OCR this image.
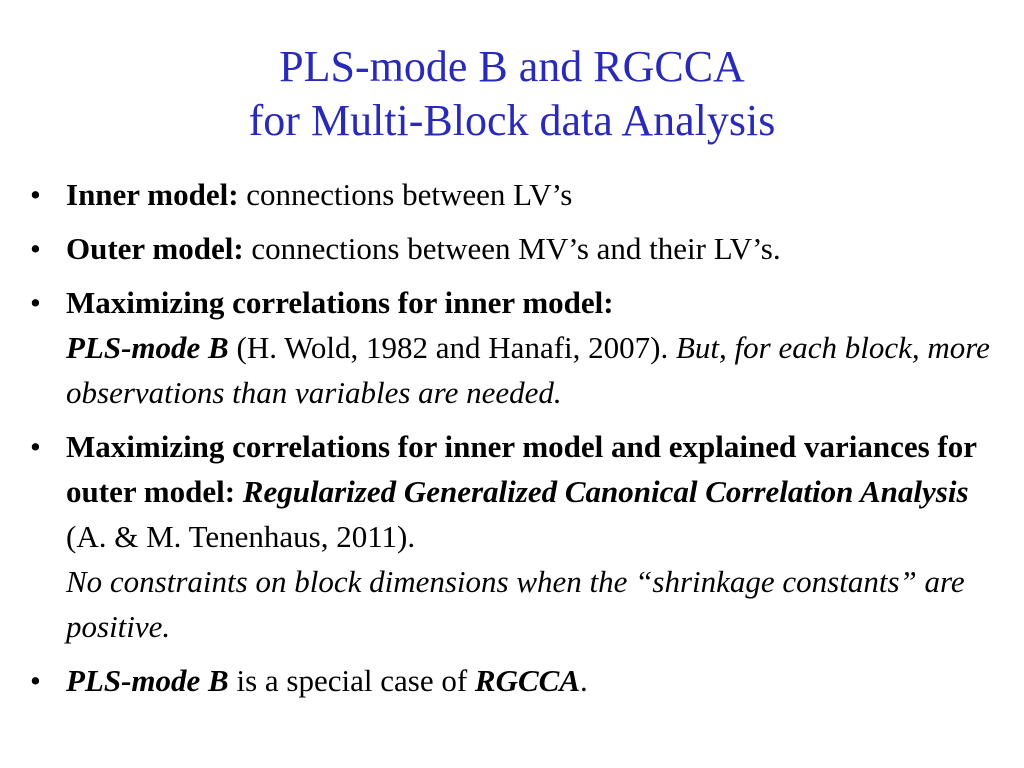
PLS-mode B and RGCCA
for Multi-Block data Analysis
• Inner model: connections between LV’s
• Outer model: connections between MV’s and their LV’s.
• Maximizing correlations for inner model:
PLS-mode B (H. Wold, 1982 and Hanafi, 2007). But, for each block, more observations than variables are needed.
• Maximizing correlations for inner model and explained variances for outer model: Regularized Generalized Canonical Correlation Analysis (A. & M. Tenenhaus, 2011).
No constraints on block dimensions when the “shrinkage constants” are positive.
• PLS-mode B is a special case of RGCCA.
